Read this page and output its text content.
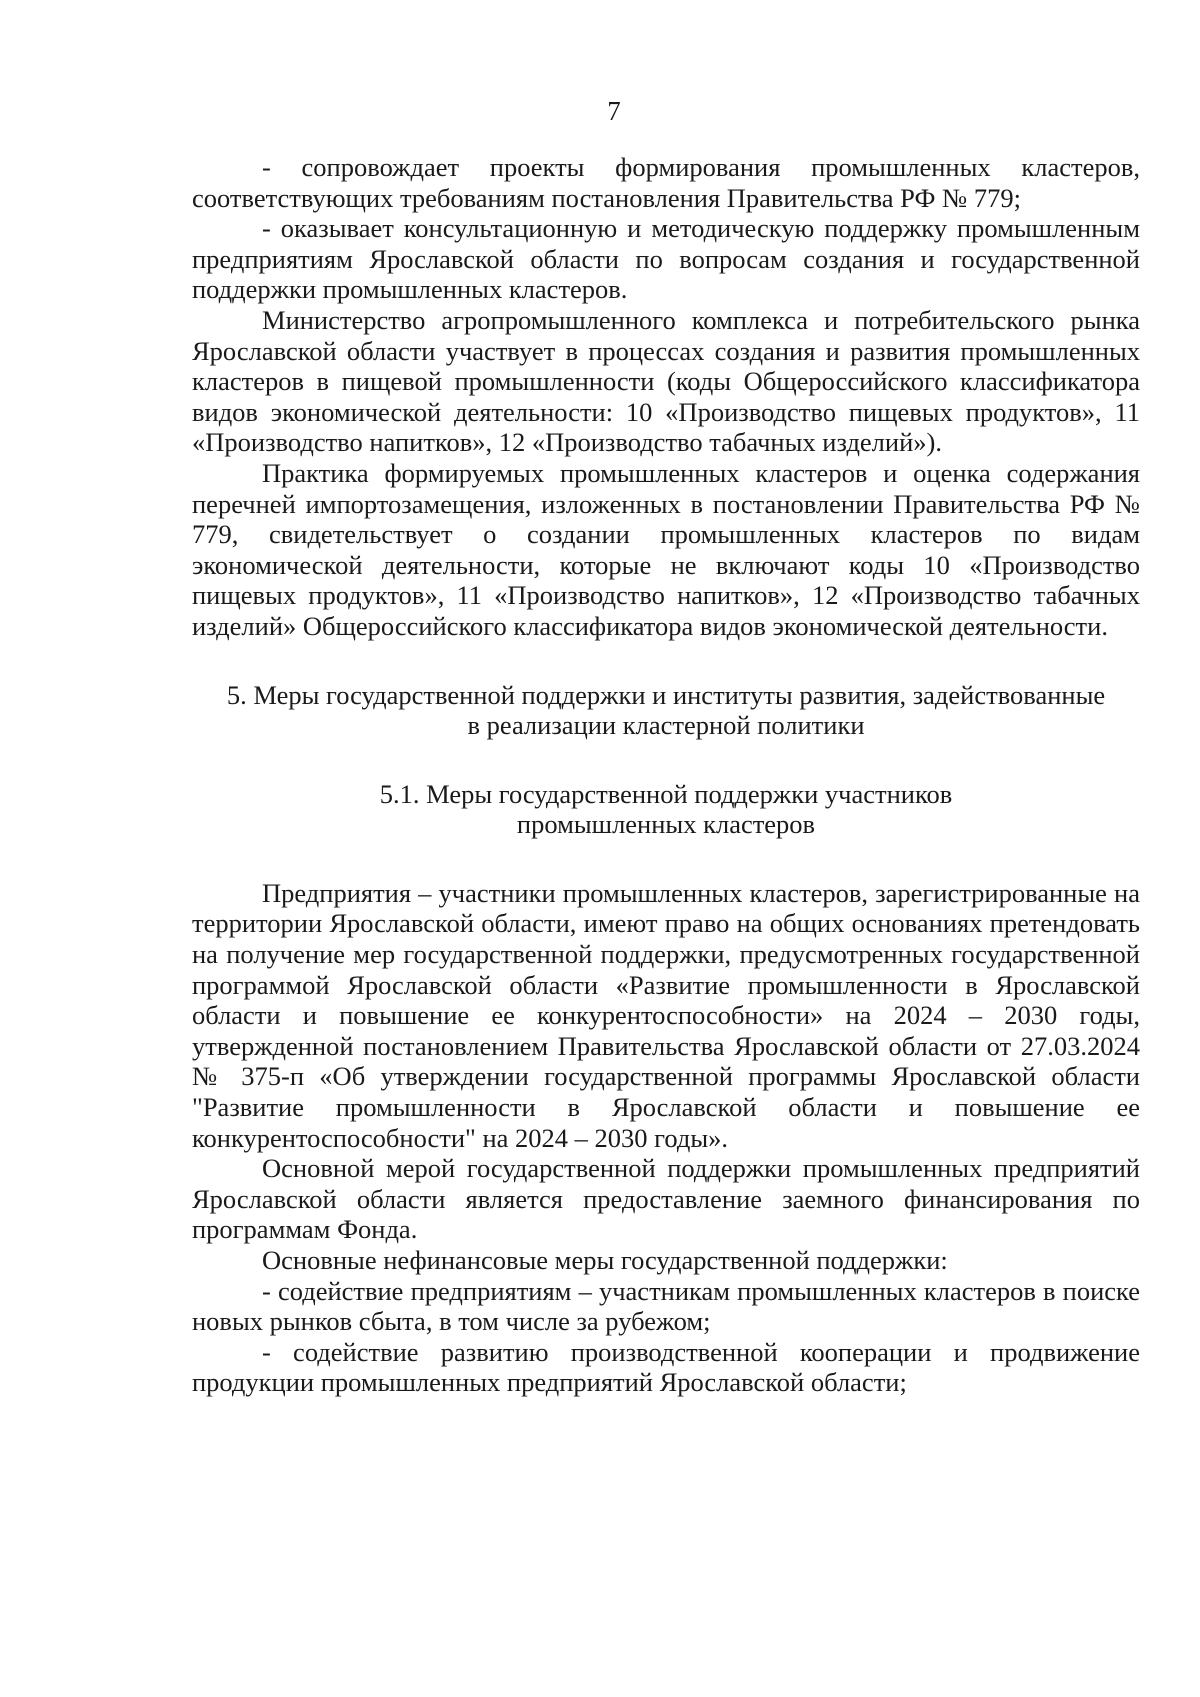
7

- сопровождает проекты формирования промышленных кластеров, соответствующих требованиям постановления Правительства РФ № 779;

- оказывает консультационную и методическую поддержку промышленным предприятиям Ярославской области по вопросам создания и государственной поддержки промышленных кластеров.

Министерство агропромышленного комплекса и потребительского рынка Ярославской области участвует в процессах создания и развития промышленных кластеров в пищевой промышленности (коды Общероссийского классификатора видов экономической деятельности: 10 «Производство пищевых продуктов», 11 «Производство напитков», 12 «Производство табачных изделий»).

Практика формируемых промышленных кластеров и оценка содержания перечней импортозамещения, изложенных в постановлении Правительства РФ № 779, свидетельствует о создании промышленных кластеров по видам экономической деятельности, которые не включают коды 10 «Производство пищевых продуктов», 11 «Производство напитков», 12 «Производство табачных изделий» Общероссийского классификатора видов экономической деятельности.

5. Меры государственной поддержки и институты развития, задействованные
в реализации кластерной политики
5.1. Меры государственной поддержки участников
промышленных кластеров

Предприятия – участники промышленных кластеров, зарегистрированные на территории Ярославской области, имеют право на общих основаниях претендовать на получение мер государственной поддержки, предусмотренных государственной программой Ярославской области «Развитие промышленности в Ярославской области и повышение ее конкурентоспособности» на 2024 – 2030 годы, утвержденной постановлением Правительства Ярославской области от 27.03.2024 № 375-п «Об утверждении государственной программы Ярославской области "Развитие промышленности в Ярославской области и повышение ее конкурентоспособности" на 2024 – 2030 годы».

Основной мерой государственной поддержки промышленных предприятий Ярославской области является предоставление заемного финансирования по программам Фонда.

Основные нефинансовые меры государственной поддержки:

- содействие предприятиям – участникам промышленных кластеров в поиске новых рынков сбыта, в том числе за рубежом;

- содействие развитию производственной кооперации и продвижение продукции промышленных предприятий Ярославской области;
